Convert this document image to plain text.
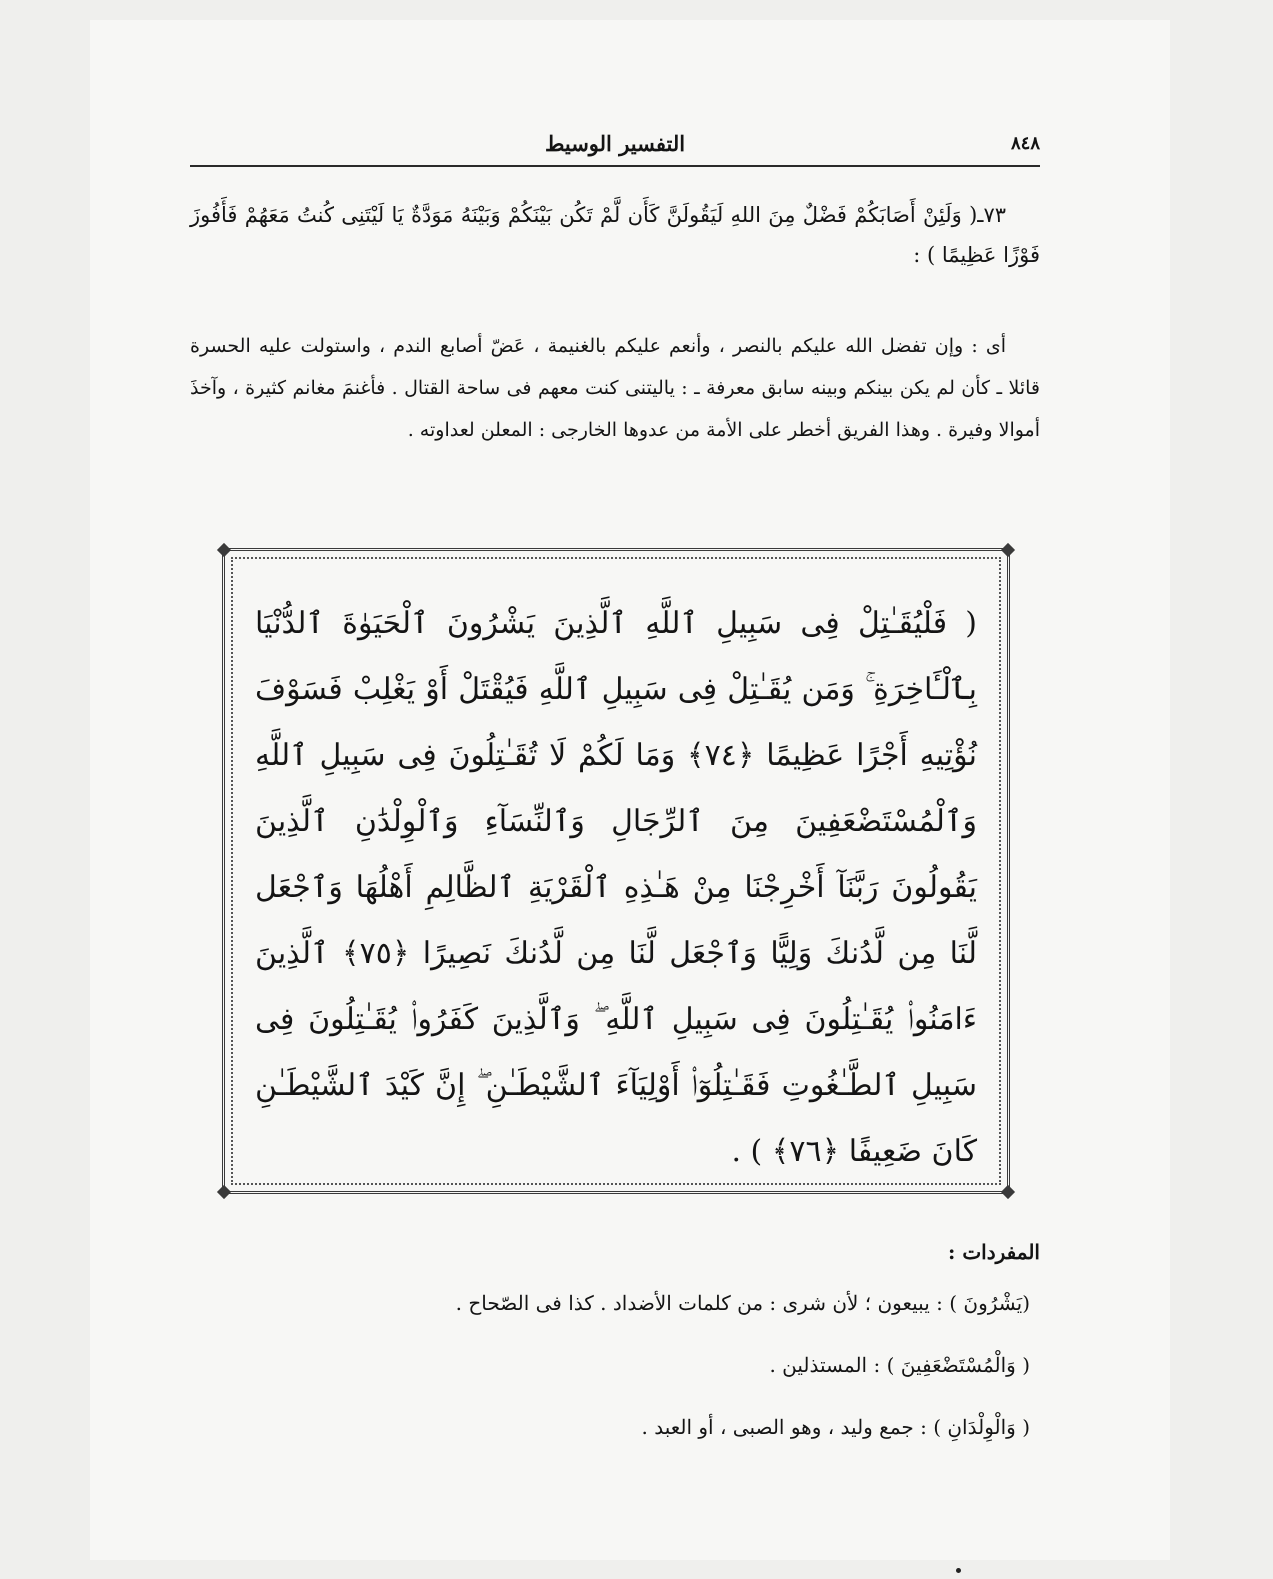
٨٤٨
التفسير الوسيط

٧٣ـ( وَلَئِنْ أَصَابَكُمْ فَضْلٌ مِنَ اللهِ لَيَقُولَنَّ كَأَن لَّمْ تَكُن بَيْنَكُمْ وَبَيْنَهُ مَوَدَّةٌ يَا لَيْتَنِى كُنتُ مَعَهُمْ فَأَفُوزَ فَوْزًا عَظِيمًا ) :

أى : وإن تفضل الله عليكم بالنصر ، وأنعم عليكم بالغنيمة ، عَضّ أصابع الندم ، واستولت عليه الحسرة قائلا ـ كأن لم يكن بينكم وبينه سابق معرفة ـ : ياليتنى كنت معهم فى ساحة القتال . فأغنمَ مغانم كثيرة ، وآخذَ أموالا وفيرة . وهذا الفريق أخطر على الأمة من عدوها الخارجى : المعلن لعداوته .

( فَلْيُقَـٰتِلْ فِى سَبِيلِ ٱللَّهِ ٱلَّذِينَ يَشْرُونَ ٱلْحَيَوٰةَ ٱلدُّنْيَا بِٱلْـَٔاخِرَةِ ۚ وَمَن يُقَـٰتِلْ فِى سَبِيلِ ٱللَّهِ فَيُقْتَلْ أَوْ يَغْلِبْ فَسَوْفَ نُؤْتِيهِ أَجْرًا عَظِيمًا ﴿٧٤﴾ وَمَا لَكُمْ لَا تُقَـٰتِلُونَ فِى سَبِيلِ ٱللَّهِ وَٱلْمُسْتَضْعَفِينَ مِنَ ٱلرِّجَالِ وَٱلنِّسَآءِ وَٱلْوِلْدَٰنِ ٱلَّذِينَ يَقُولُونَ رَبَّنَآ أَخْرِجْنَا مِنْ هَـٰذِهِ ٱلْقَرْيَةِ ٱلظَّالِمِ أَهْلُهَا وَٱجْعَل لَّنَا مِن لَّدُنكَ وَلِيًّا وَٱجْعَل لَّنَا مِن لَّدُنكَ نَصِيرًا ﴿٧٥﴾ ٱلَّذِينَ ءَامَنُوا۟ يُقَـٰتِلُونَ فِى سَبِيلِ ٱللَّهِ ۖ وَٱلَّذِينَ كَفَرُوا۟ يُقَـٰتِلُونَ فِى سَبِيلِ ٱلطَّـٰغُوتِ فَقَـٰتِلُوٓا۟ أَوْلِيَآءَ ٱلشَّيْطَـٰنِ ۖ إِنَّ كَيْدَ ٱلشَّيْطَـٰنِ كَانَ ضَعِيفًا ﴿٧٦﴾ ) .
المفردات :
(يَشْرُونَ ) : يبيعون ؛ لأن شرى : من كلمات الأضداد . كذا فى الصّحاح .
( وَالْمُسْتَضْعَفِينَ ) : المستذلين .
( وَالْوِلْدَانِ ) : جمع وليد ، وهو الصبى ، أو العبد .
